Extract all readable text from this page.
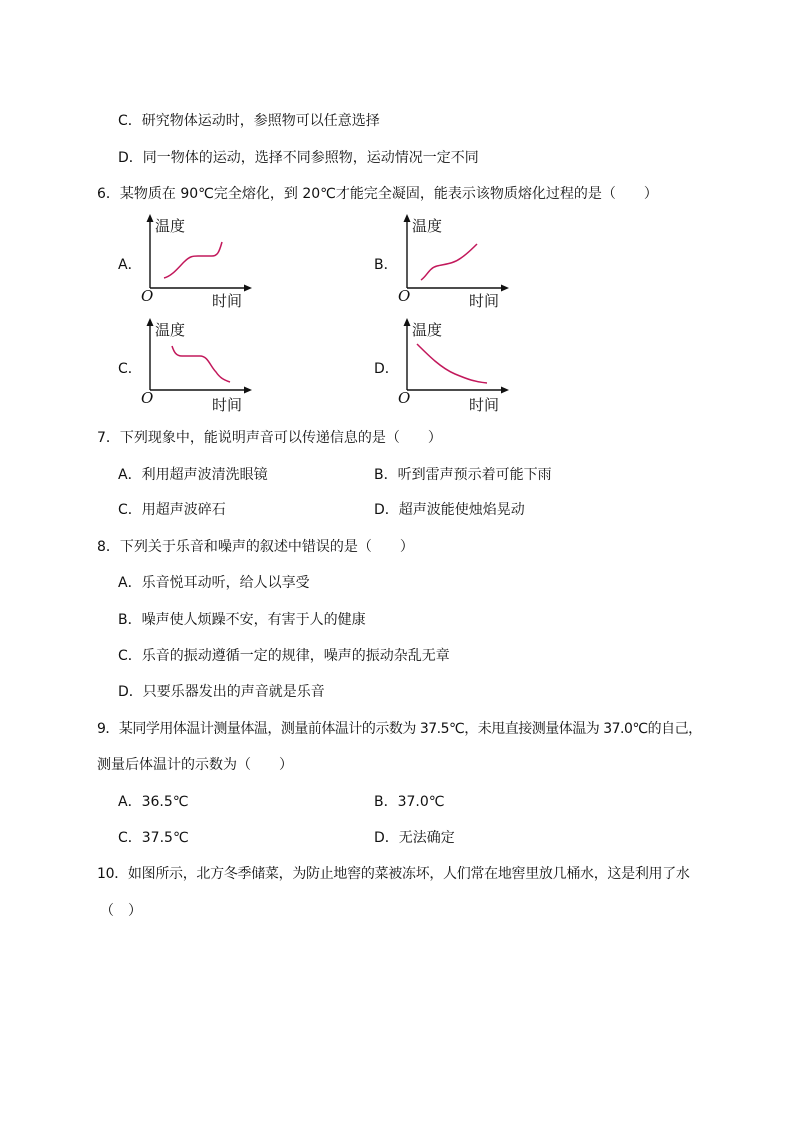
C．研究物体运动时，参照物可以任意选择
D．同一物体的运动，选择不同参照物，运动情况一定不同
6．某物质在 90℃完全熔化，到 20℃才能完全凝固，能表示该物质熔化过程的是（　　）
A．
温度
时间
O
B．
温度
时间
O
C．
温度
时间
O
D．
温度
时间
O
7．下列现象中，能说明声音可以传递信息的是（　　）
A．利用超声波清洗眼镜	B．听到雷声预示着可能下雨
C．用超声波碎石	D．超声波能使烛焰晃动
8．下列关于乐音和噪声的叙述中错误的是（　　）
A．乐音悦耳动听，给人以享受
B．噪声使人烦躁不安，有害于人的健康
C．乐音的振动遵循一定的规律，噪声的振动杂乱无章
D．只要乐器发出的声音就是乐音
9．某同学用体温计测量体温，测量前体温计的示数为 37.5℃，未甩直接测量体温为 37.0℃的自己，
测量后体温计的示数为（　　）
A．36.5℃	B．37.0℃
C．37.5℃	D．无法确定
10．如图所示，北方冬季储菜，为防止地窖的菜被冻坏，人们常在地窖里放几桶水，这是利用了水
（　）
